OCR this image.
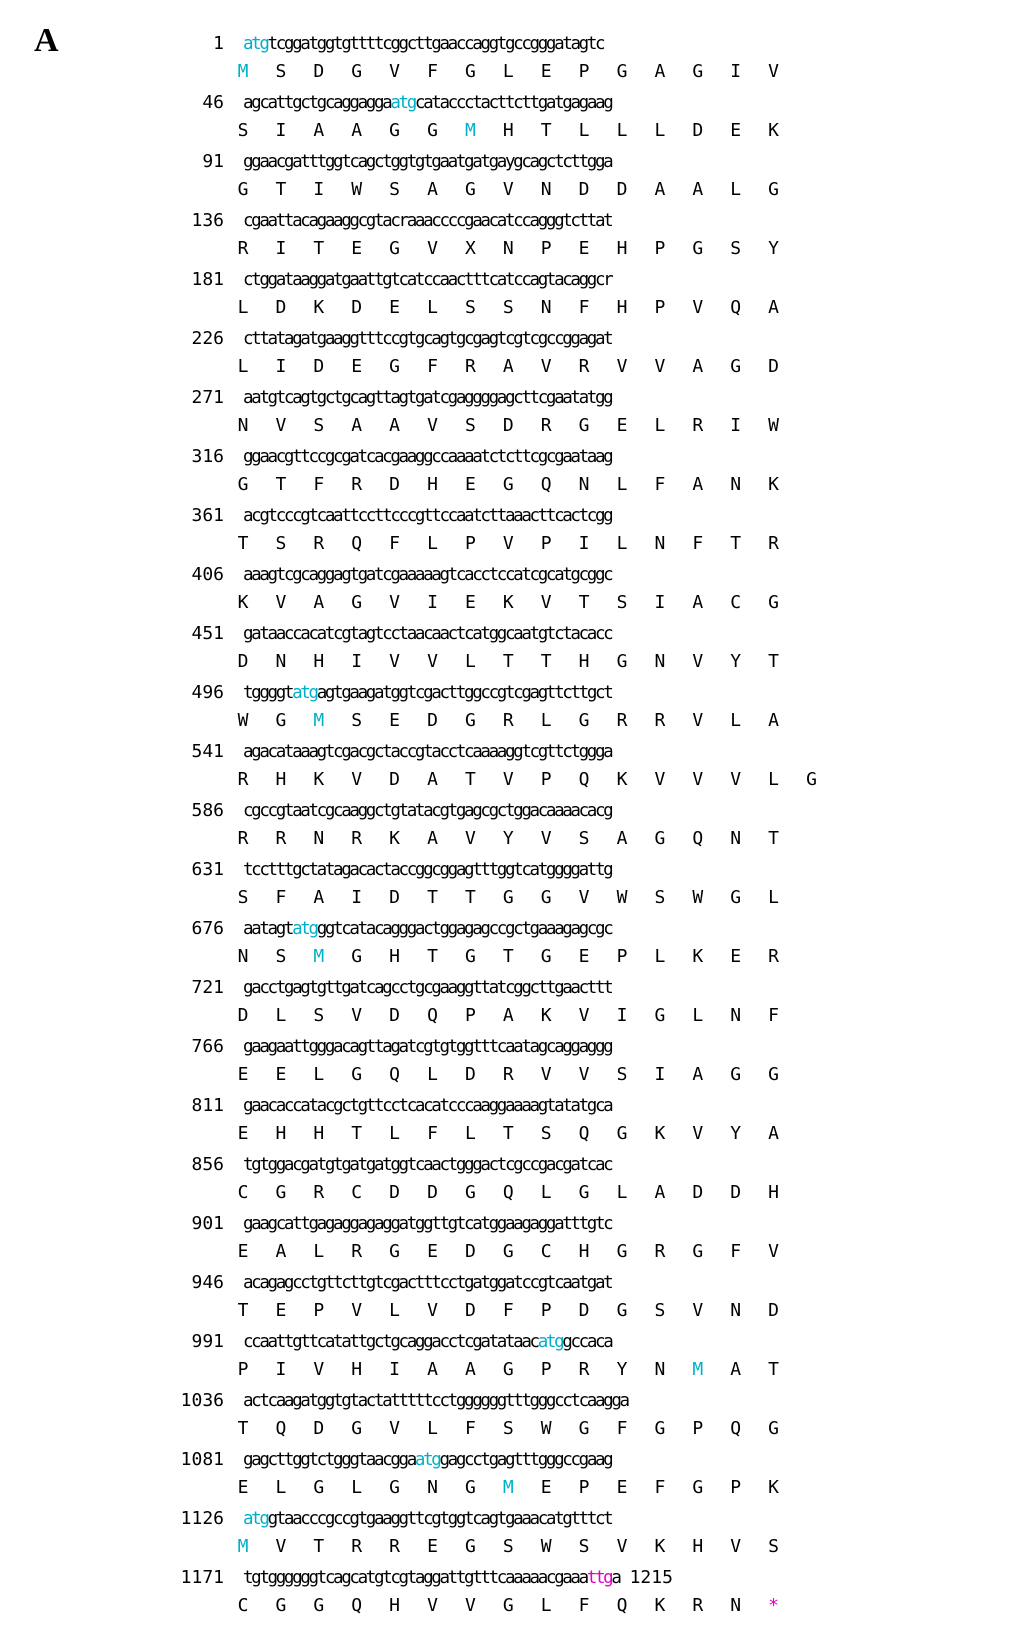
A	1 atgtcggatggtgttttcggcttgaaccaggtgccgggatagtc
M S D G V F G L E P G A G I V
46 agcattgctgcaggaggaatgcataccctacttcttgatgagaag
S I A A G G M H T L L L D E K
91 ggaacgatttggtcagctggtgtgaatgatgaygcagctcttgga
G T I W S A G V N D D A A L G
136 cgaattacagaaggcgtacraaaccccgaacatccagggtcttat
R I T E G V X N P E H P G S Y
181 ctggataaggatgaattgtcatccaactttcatccagtacaggcr
L D K D E L S S N F H P V Q A
226 cttatagatgaaggtttccgtgcagtgcgagtcgtcgccggagat
L I D E G F R A V R V V A G D
271 aatgtcagtgctgcagttagtgatcgaggggagcttcgaatatgg
N V S A A V S D R G E L R I W
316 ggaacgttccgcgatcacgaaggccaaaatctcttcgcgaataag
G T F R D H E G Q N L F A N K
361 acgtcccgtcaattccttcccgttccaatcttaaacttcactcgg
T S R Q F L P V P I L N F T R
406 aaagtcgcaggagtgatcgaaaaagtcacctccatcgcatgcggc
K V A G V I E K V T S I A C G
451 gataaccacatcgtagtcctaacaactcatggcaatgtctacacc
D N H I V V L T T H G N V Y T
496 tggggtatgagtgaagatggtcgacttggccgtcgagttcttgct
W G M S E D G R L G R R V L A
541 agacataaagtcgacgctaccgtacctcaaaaggtcgttctggga
R H K V D A T V P Q K V V V L G
586 cgccgtaatcgcaaggctgtatacgtgagcgctggacaaaacacg
R R N R K A V Y V S A G Q N T
631 tcctttgctatagacactaccggcggagtttggtcatggggattg
S F A I D T T G G V W S W G L
676 aatagtatgggtcatacagggactggagagccgctgaaagagcgc
N S M G H T G T G E P L K E R
721 gacctgagtgttgatcagcctgcgaaggttatcggcttgaacttt
D L S V D Q P A K V I G L N F
766 gaagaattgggacagttagatcgtgtggtttcaatagcaggaggg
E E L G Q L D R V V S I A G G
811 gaacaccatacgctgttcctcacatcccaaggaaaagtatatgca
E H H T L F L T S Q G K V Y A
856 tgtggacgatgtgatgatggtcaactgggactcgccgacgatcac
C G R C D D G Q L G L A D D H
901 gaagcattgagaggagaggatggttgtcatggaagaggatttgtc
E A L R G E D G C H G R G F V
946 acagagcctgttcttgtcgactttcctgatggatccgtcaatgat
T E P V L V D F P D G S V N D
991 ccaattgttcatattgctgcaggacctcgatataacatggccaca
P I V H I A A G P R Y N M A T
1036 actcaagatggtgtactatttttcctggggggtttgggcctcaagga
T Q D G V L F S W G F G P Q G
1081 gagcttggtctgggtaacggaatggagcctgagtttgggccgaag
E L G L G N G M E P E F G P K
1126 atggtaacccgccgtgaaggttcgtggtcagtgaaacatgtttct
M V T R R E G S W S V K H V S
1171 tgtggggggtcagcatgtcgtaggattgtttcaaaaacgaaattga
C G G Q H V V G L F Q K R N *
1215
